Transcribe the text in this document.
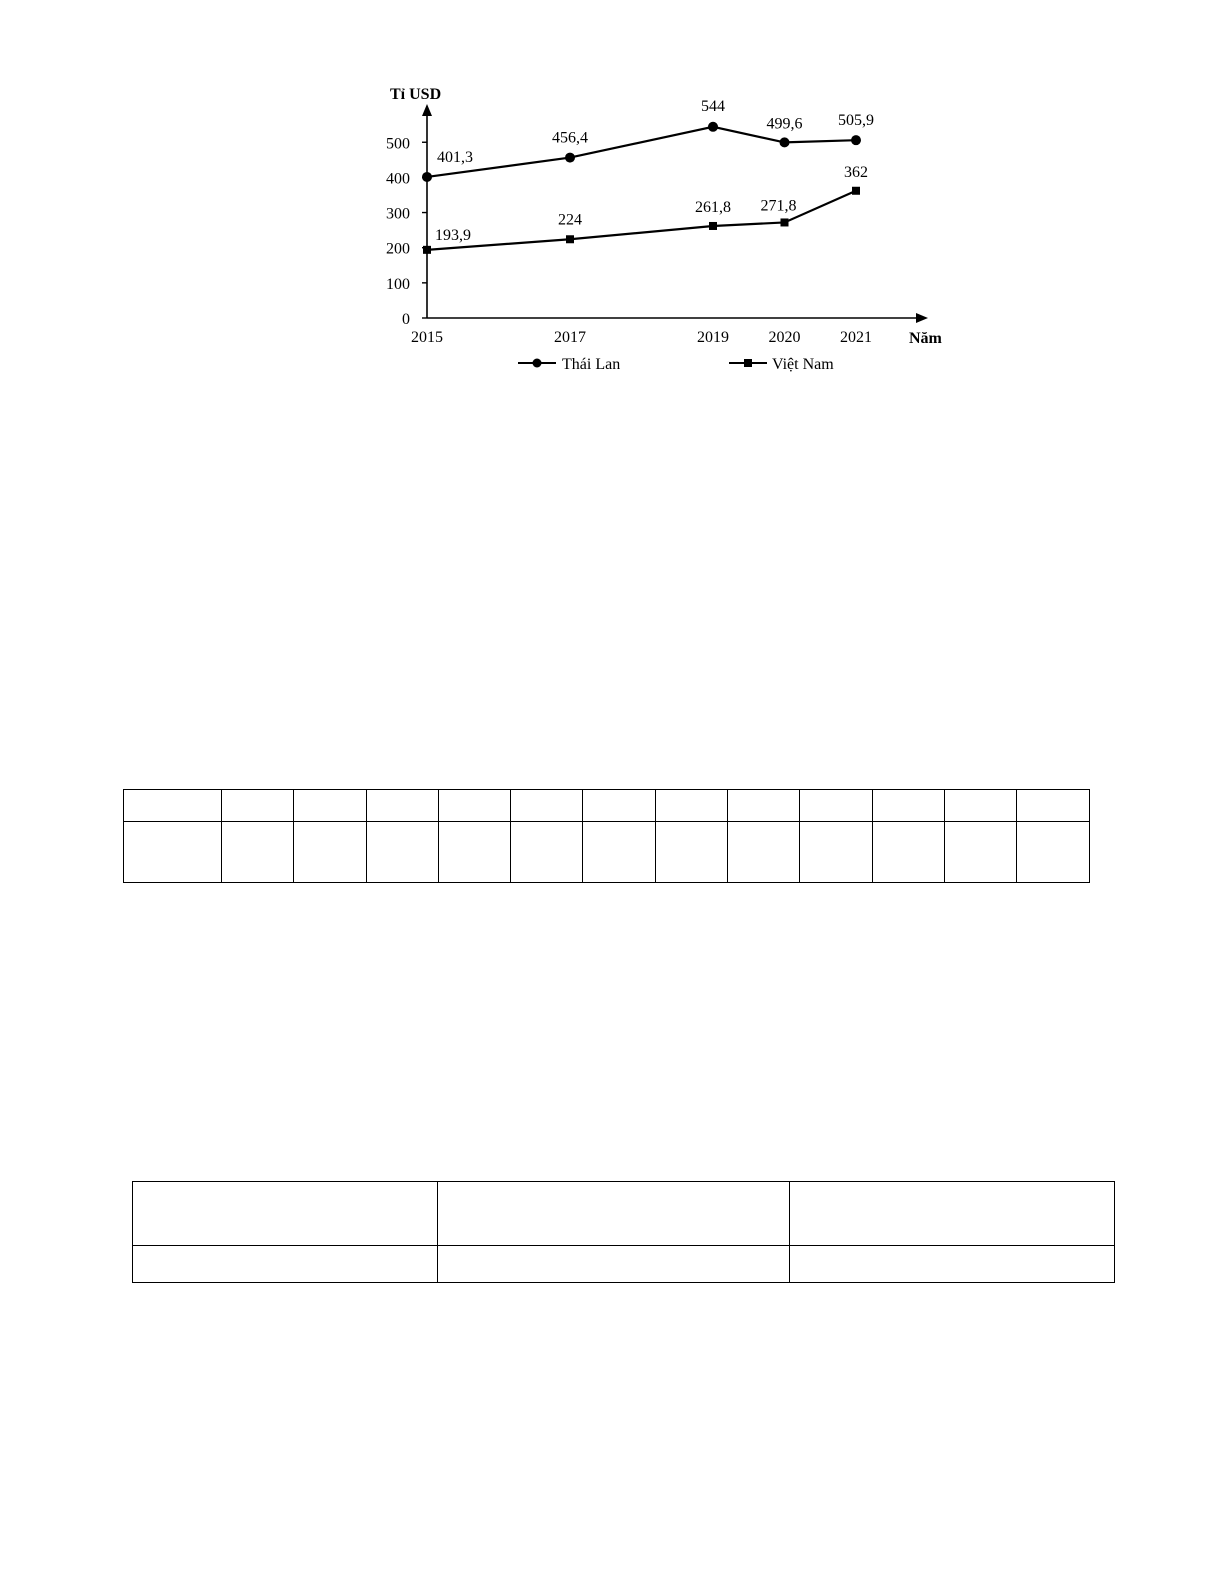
Tỉ USD
Năm
0
100
200
300
400
500
2015	2017	2019 2020 2021
401,3
456,4
544
499,6 505,9
193,9
224
261,8 271,8
362
Thái Lan	Việt Nam
